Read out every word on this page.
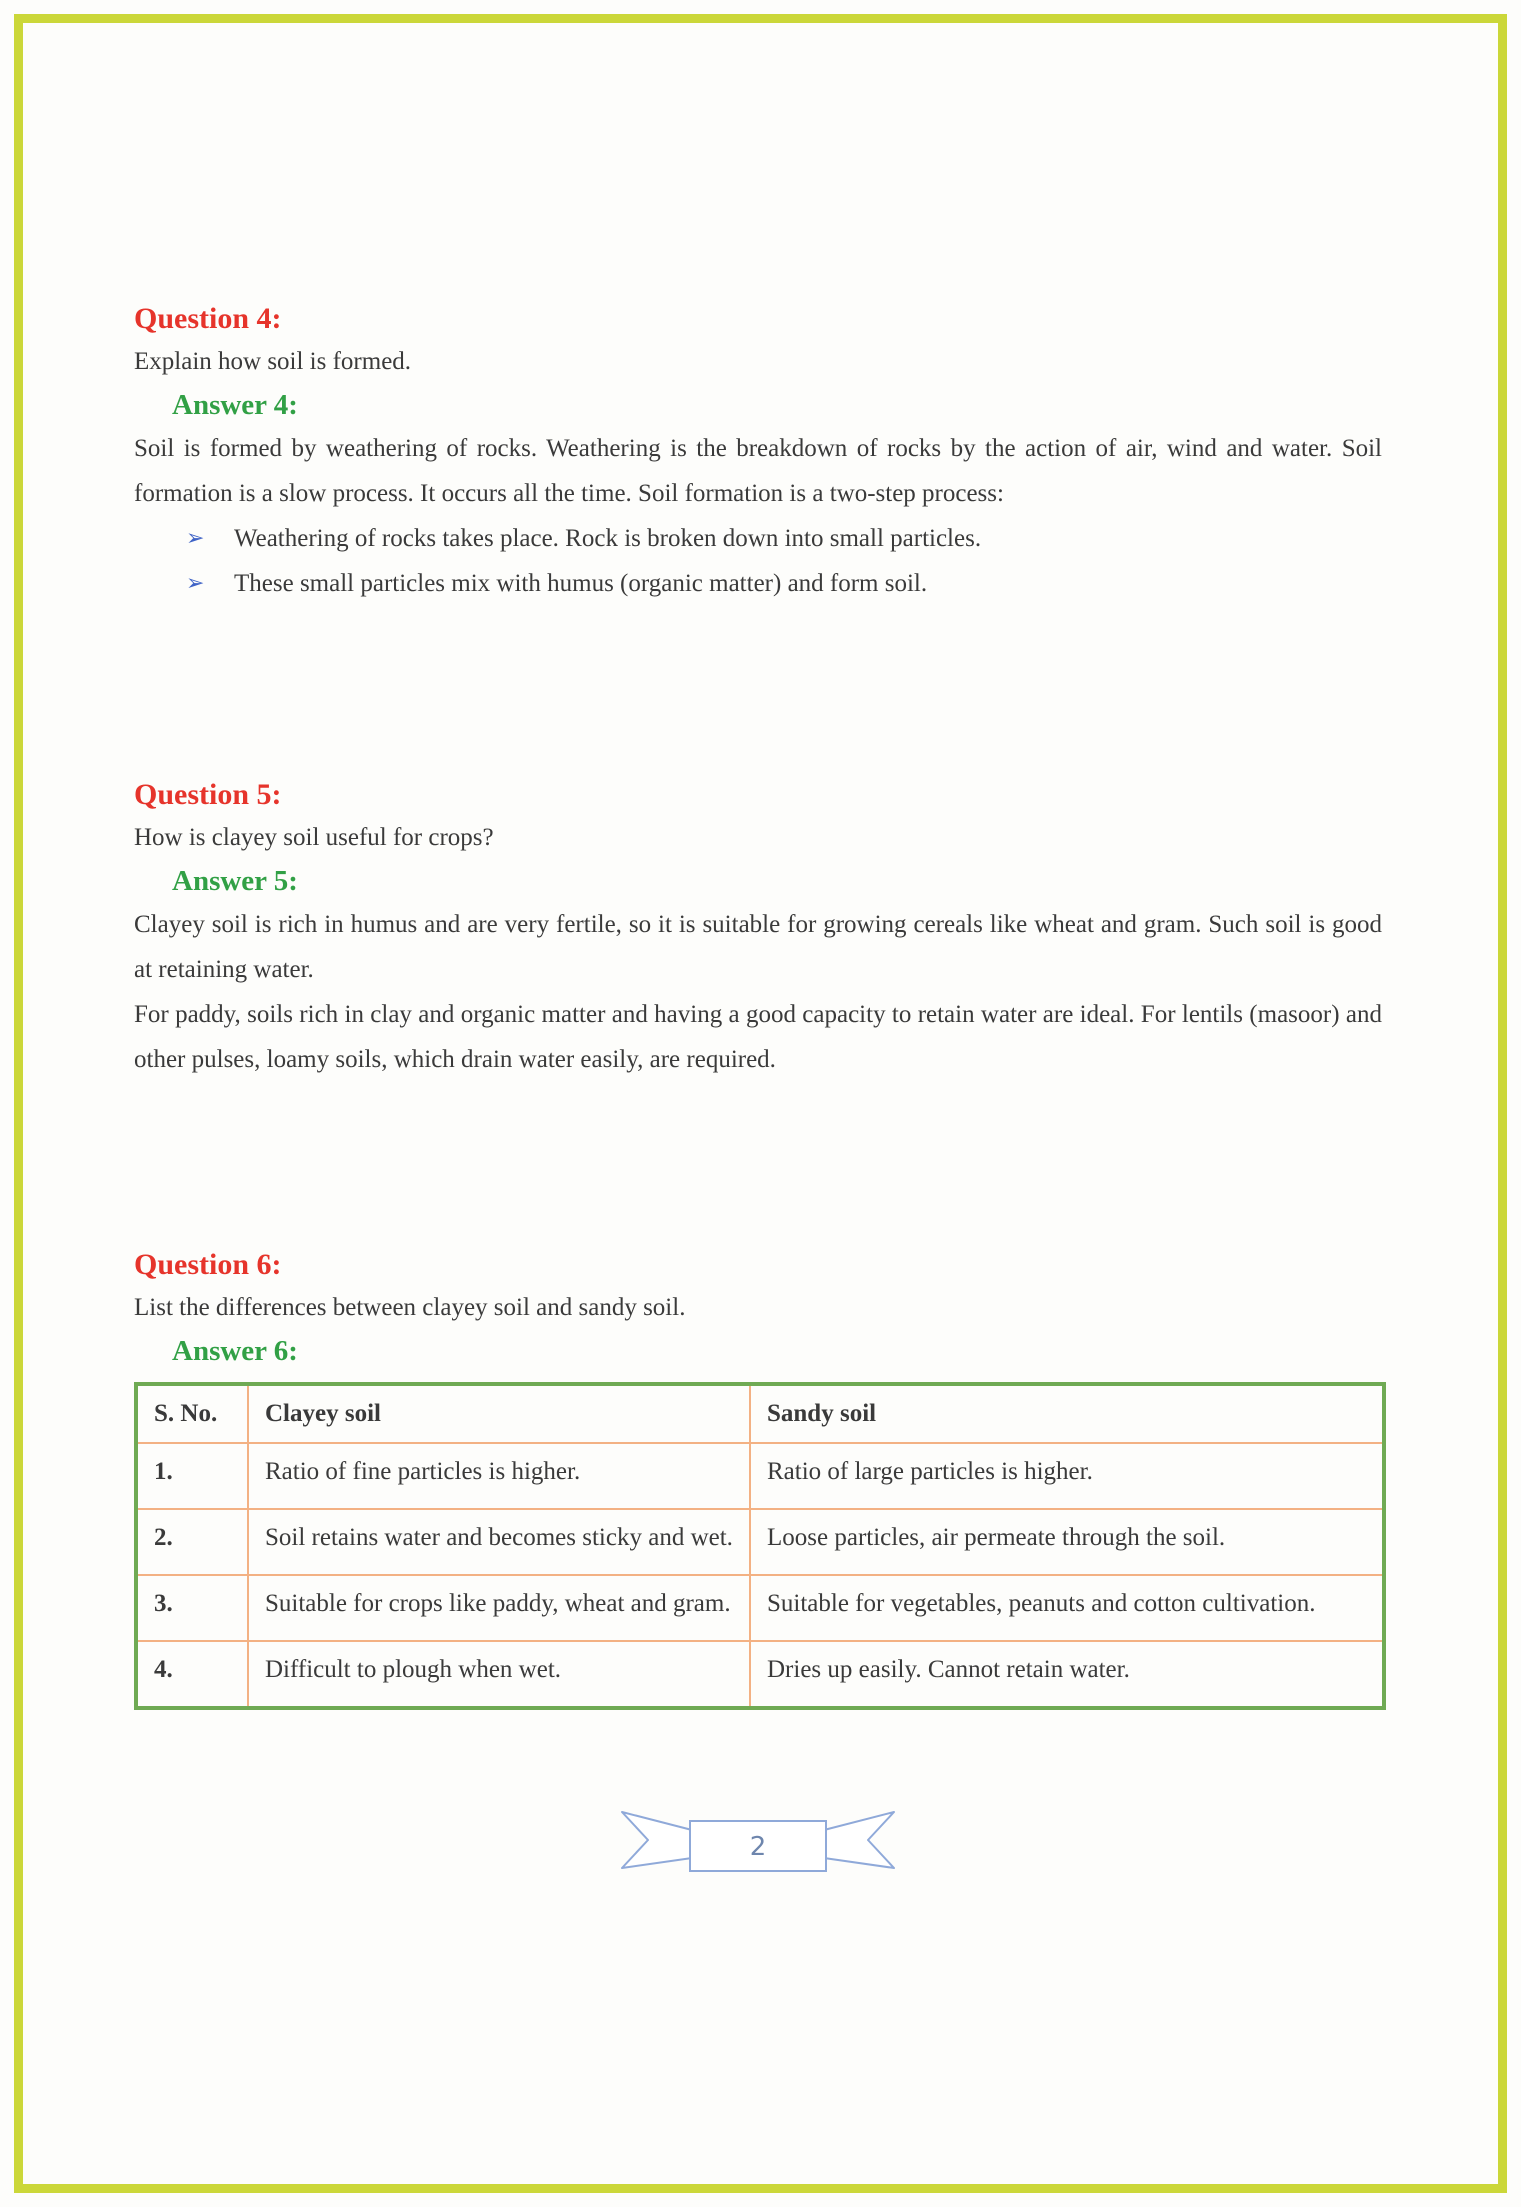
Question 4:

Explain how soil is formed.

Answer 4:

Soil is formed by weathering of rocks. Weathering is the breakdown of rocks by the action of air, wind and water. Soil formation is a slow process. It occurs all the time. Soil formation is a two-step process:

➢	Weathering of rocks takes place. Rock is broken down into small particles.
➢	These small particles mix with humus (organic matter) and form soil.
Question 5:

How is clayey soil useful for crops?

Answer 5:

Clayey soil is rich in humus and are very fertile, so it is suitable for growing cereals like wheat and gram. Such soil is good at retaining water.

For paddy, soils rich in clay and organic matter and having a good capacity to retain water are ideal. For lentils (masoor) and other pulses, loamy soils, which drain water easily, are required.

Question 6:

List the differences between clayey soil and sandy soil.

Answer 6:
S. No.	Clayey soil	Sandy soil
1.	Ratio of fine particles is higher.	Ratio of large particles is higher.
2.	Soil retains water and becomes sticky and wet.	Loose particles, air permeate through the soil.
3.	Suitable for crops like paddy, wheat and gram.	Suitable for vegetables, peanuts and cotton cultivation.
4.	Difficult to plough when wet.	Dries up easily. Cannot retain water.
2
